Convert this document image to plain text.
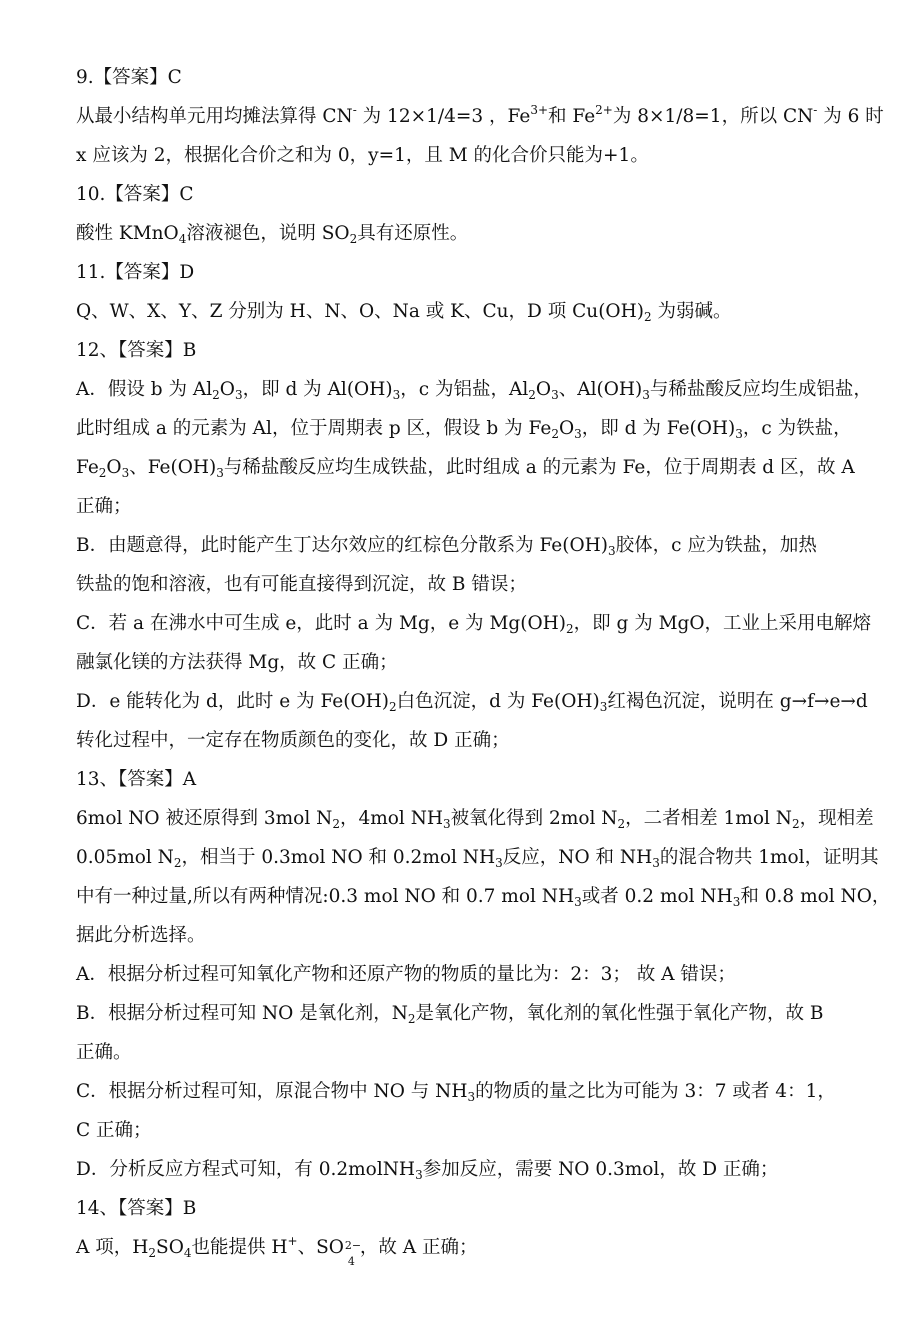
9.【答案】C
从最小结构单元用均摊法算得 CN- 为 12×1/4=3 ，$Fe^{3+}$和 $Fe^{2+}$为 8×1/8=1，所以 CN- 为 6 时
x 应该为 2，根据化合价之和为 0，y=1，且 M 的化合价只能为+1。
10.【答案】C
酸性 KMnO$_4$溶液褪色，说明 $SO_2$具有还原性。
11.【答案】D
Q、W、X、Y、Z 分别为 H、N、O、Na 或 K、Cu，D 项 $Cu(OH)_2$ 为弱碱。
12、【答案】B
A．假设 b 为 $Al_2O_3$，即 d 为 $Al(OH)_3$，c 为铝盐，$Al_2O_3$、$Al(OH)_3$与稀盐酸反应均生成铝盐，
此时组成 a 的元素为 Al，位于周期表 p 区，假设 b 为 $Fe_2O_3$，即 d 为 $Fe(OH)_3$，c 为铁盐，
$Fe_2O_3$、$Fe(OH)_3$与稀盐酸反应均生成铁盐，此时组成 a 的元素为 Fe，位于周期表 d 区，故 A
正确；
B．由题意得，此时能产生丁达尔效应的红棕色分散系为 $Fe(OH)_3$胶体，c 应为铁盐，加热
铁盐的饱和溶液，也有可能直接得到沉淀，故 B 错误；
C．若 a 在沸水中可生成 e，此时 a 为 Mg，e 为 $Mg(OH)_2$，即 g 为 MgO，工业上采用电解熔
融氯化镁的方法获得 Mg，故 C 正确；
D．e 能转化为 d，此时 e 为 $Fe(OH)_2$白色沉淀，d 为 $Fe(OH)_3$红褐色沉淀，说明在 g→f→e→d
转化过程中，一定存在物质颜色的变化，故 D 正确；
13、【答案】A
6mol NO 被还原得到 3mol $N_2$，4mol $NH_3$被氧化得到 2mol $N_2$，二者相差 1mol $N_2$，现相差
0.05mol $N_2$，相当于 0.3mol NO 和 0.2mol $NH_3$反应，NO 和 $NH_3$的混合物共 1mol，证明其
中有一种过量,所以有两种情况:0.3 mol NO 和 0.7 mol $NH_3$或者 0.2 mol $NH_3$和 0.8 mol NO，
据此分析选择。
A．根据分析过程可知氧化产物和还原产物的物质的量比为：2：3； 故 A 错误；
B．根据分析过程可知 NO 是氧化剂，$N_2$是氧化产物，氧化剂的氧化性强于氧化产物，故 B
正确。
C．根据分析过程可知，原混合物中 NO 与 $NH_3$的物质的量之比为可能为 3：7 或者 4：1，
C 正确；
D．分析反应方程式可知，有 0.2molNH$_3$参加反应，需要 NO 0.3mol，故 D 正确；
14、【答案】B
A 项，$H_2SO_4$也能提供 H+、SO 2−
4
，故 A 正确；
